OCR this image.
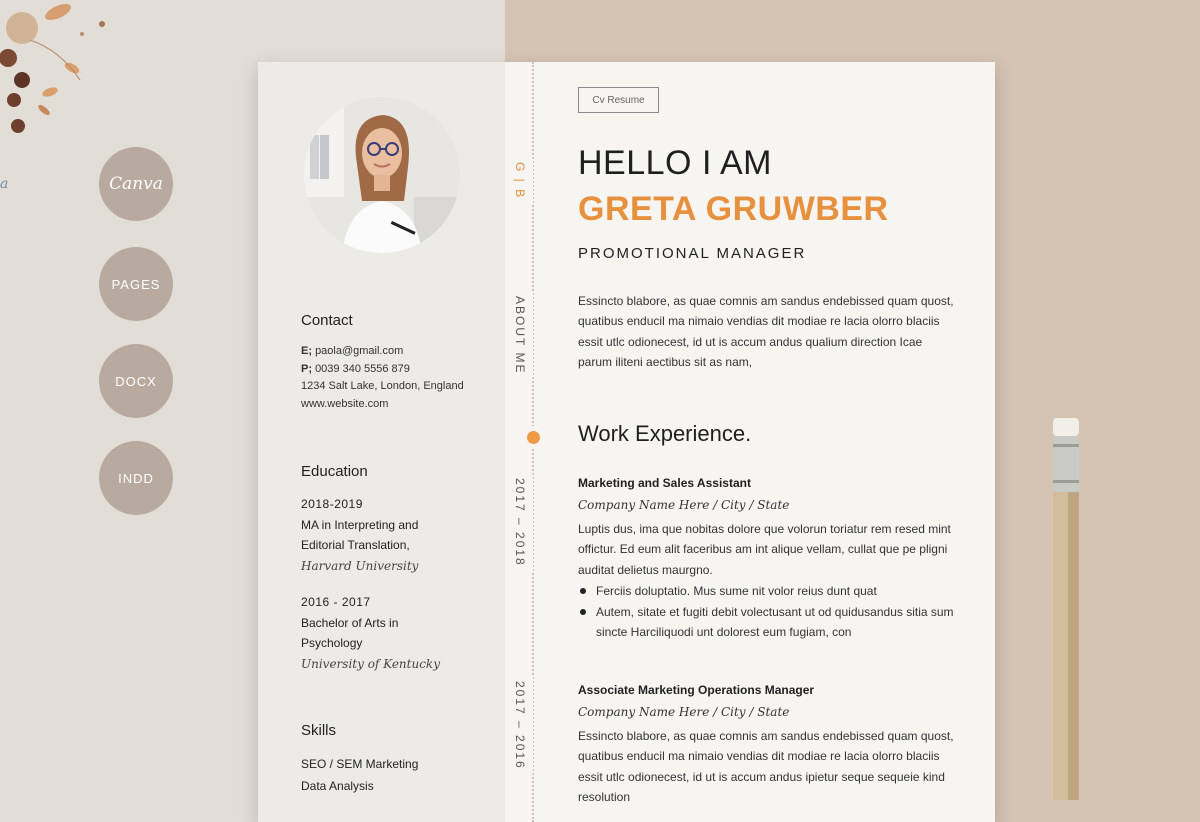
a	Canva
PAGES
DOCX
INDD
Contact
E; paola@gmail.com
P; 0039 340 5556 879
1234 Salt Lake, London, England
www.website.com
Education
2018-2019
MA in Interpreting and Editorial Translation,
Harvard University
2016 - 2017
Bachelor of Arts in Psychology
University of Kentucky
Skills
SEO / SEM Marketing
Data Analysis
G | B
ABOUT ME
2017 – 2018
2017 – 2016
Cv Resume
HELLO I AM
GRETA GRUWBER
PROMOTIONAL MANAGER
Essincto blabore, as quae comnis am sandus endebissed quam quost, quatibus enducil ma nimaio vendias dit modiae re lacia olorro blaciis essit utlc odionecest, id ut is accum andus qualium direction Icae parum iliteni aectibus sit as nam,
Work Experience.
Marketing and Sales Assistant
Company Name Here / City / State
Luptis dus, ima que nobitas dolore que volorun toriatur rem resed mint offictur. Ed eum alit faceribus am int alique vellam, cullat que pe pligni auditat delietus maurgno.
Ferciis doluptatio. Mus sume nit volor reius dunt quat
Autem, sitate et fugiti debit volectusant ut od quidusandus sitia sum sincte Harciliquodi unt dolorest eum fugiam, con
Associate Marketing Operations Manager
Company Name Here / City / State
Essincto blabore, as quae comnis am sandus endebissed quam quost, quatibus enducil ma nimaio vendias dit modiae re lacia olorro blaciis essit utlc odionecest, id ut is accum andus ipietur seque sequeie kind resolution
